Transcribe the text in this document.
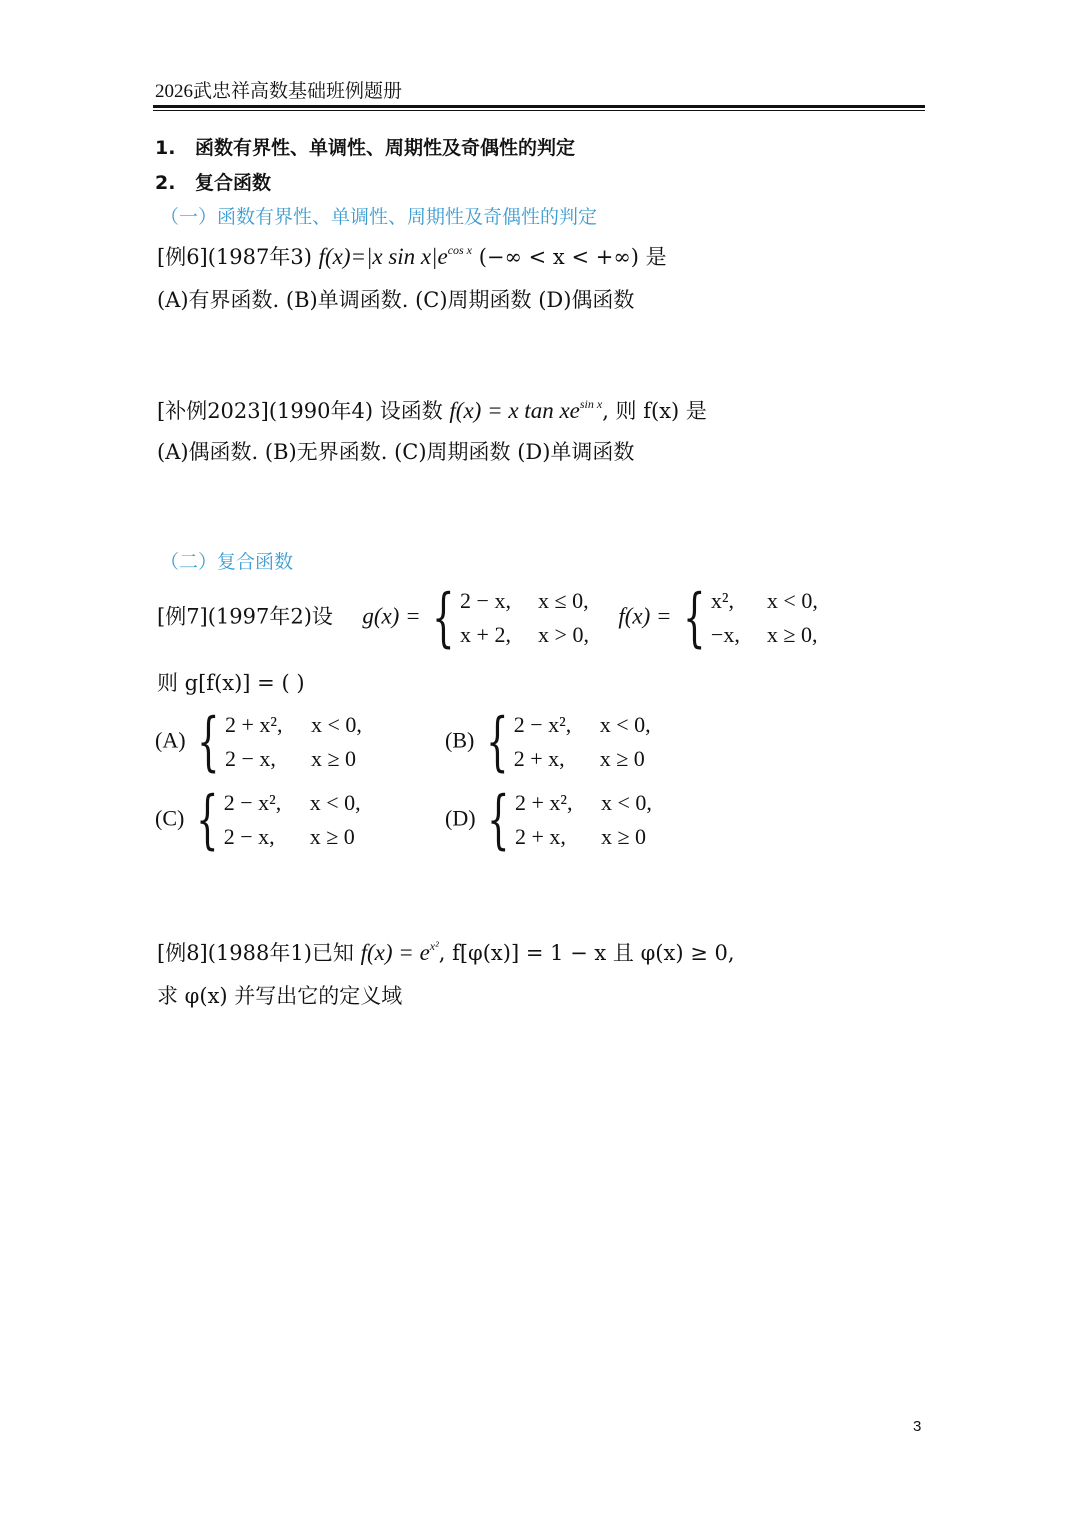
2026武忠祥高数基础班例题册
1. 函数有界性、单调性、周期性及奇偶性的判定
2. 复合函数
（一）函数有界性、单调性、周期性及奇偶性的判定
[例6](1987年3) f(x)=|x $\sin x|e^{cos x}$ (−∞ < x < +∞) 是
(A)有界函数. (B)单调函数. (C)周期函数 (D)偶函数
[补例2023](1990年4) 设函数 f(x) = x $\tan xe^{sin x}$, 则 f(x) 是
(A)偶函数. (B)无界函数. (C)周期函数 (D)单调函数
（二）复合函数
[例7](1997年2)设 g(x) = { 2 − x,	x ≤ 0,
x + 2,	x > 0,
f(x) = { x²,	x < 0,
−x,	x ≥ 0,
则 g[f(x)] = ( )
(A) { 2 + x²,	x < 0,
2 − x,	x ≥ 0
(B) { 2 − x²,	x < 0,
2 + x,	x ≥ 0
(C) { 2 − x²,	x < 0,
2 − x,	x ≥ 0
(D) { 2 + x²,	x < 0,
2 + x,	x ≥ 0
[例8](1988年1)已知 $f(x) = e^{x^2}$, f[φ(x)] = 1 − x 且 φ(x) ≥ 0,
求 φ(x) 并写出它的定义域
3
